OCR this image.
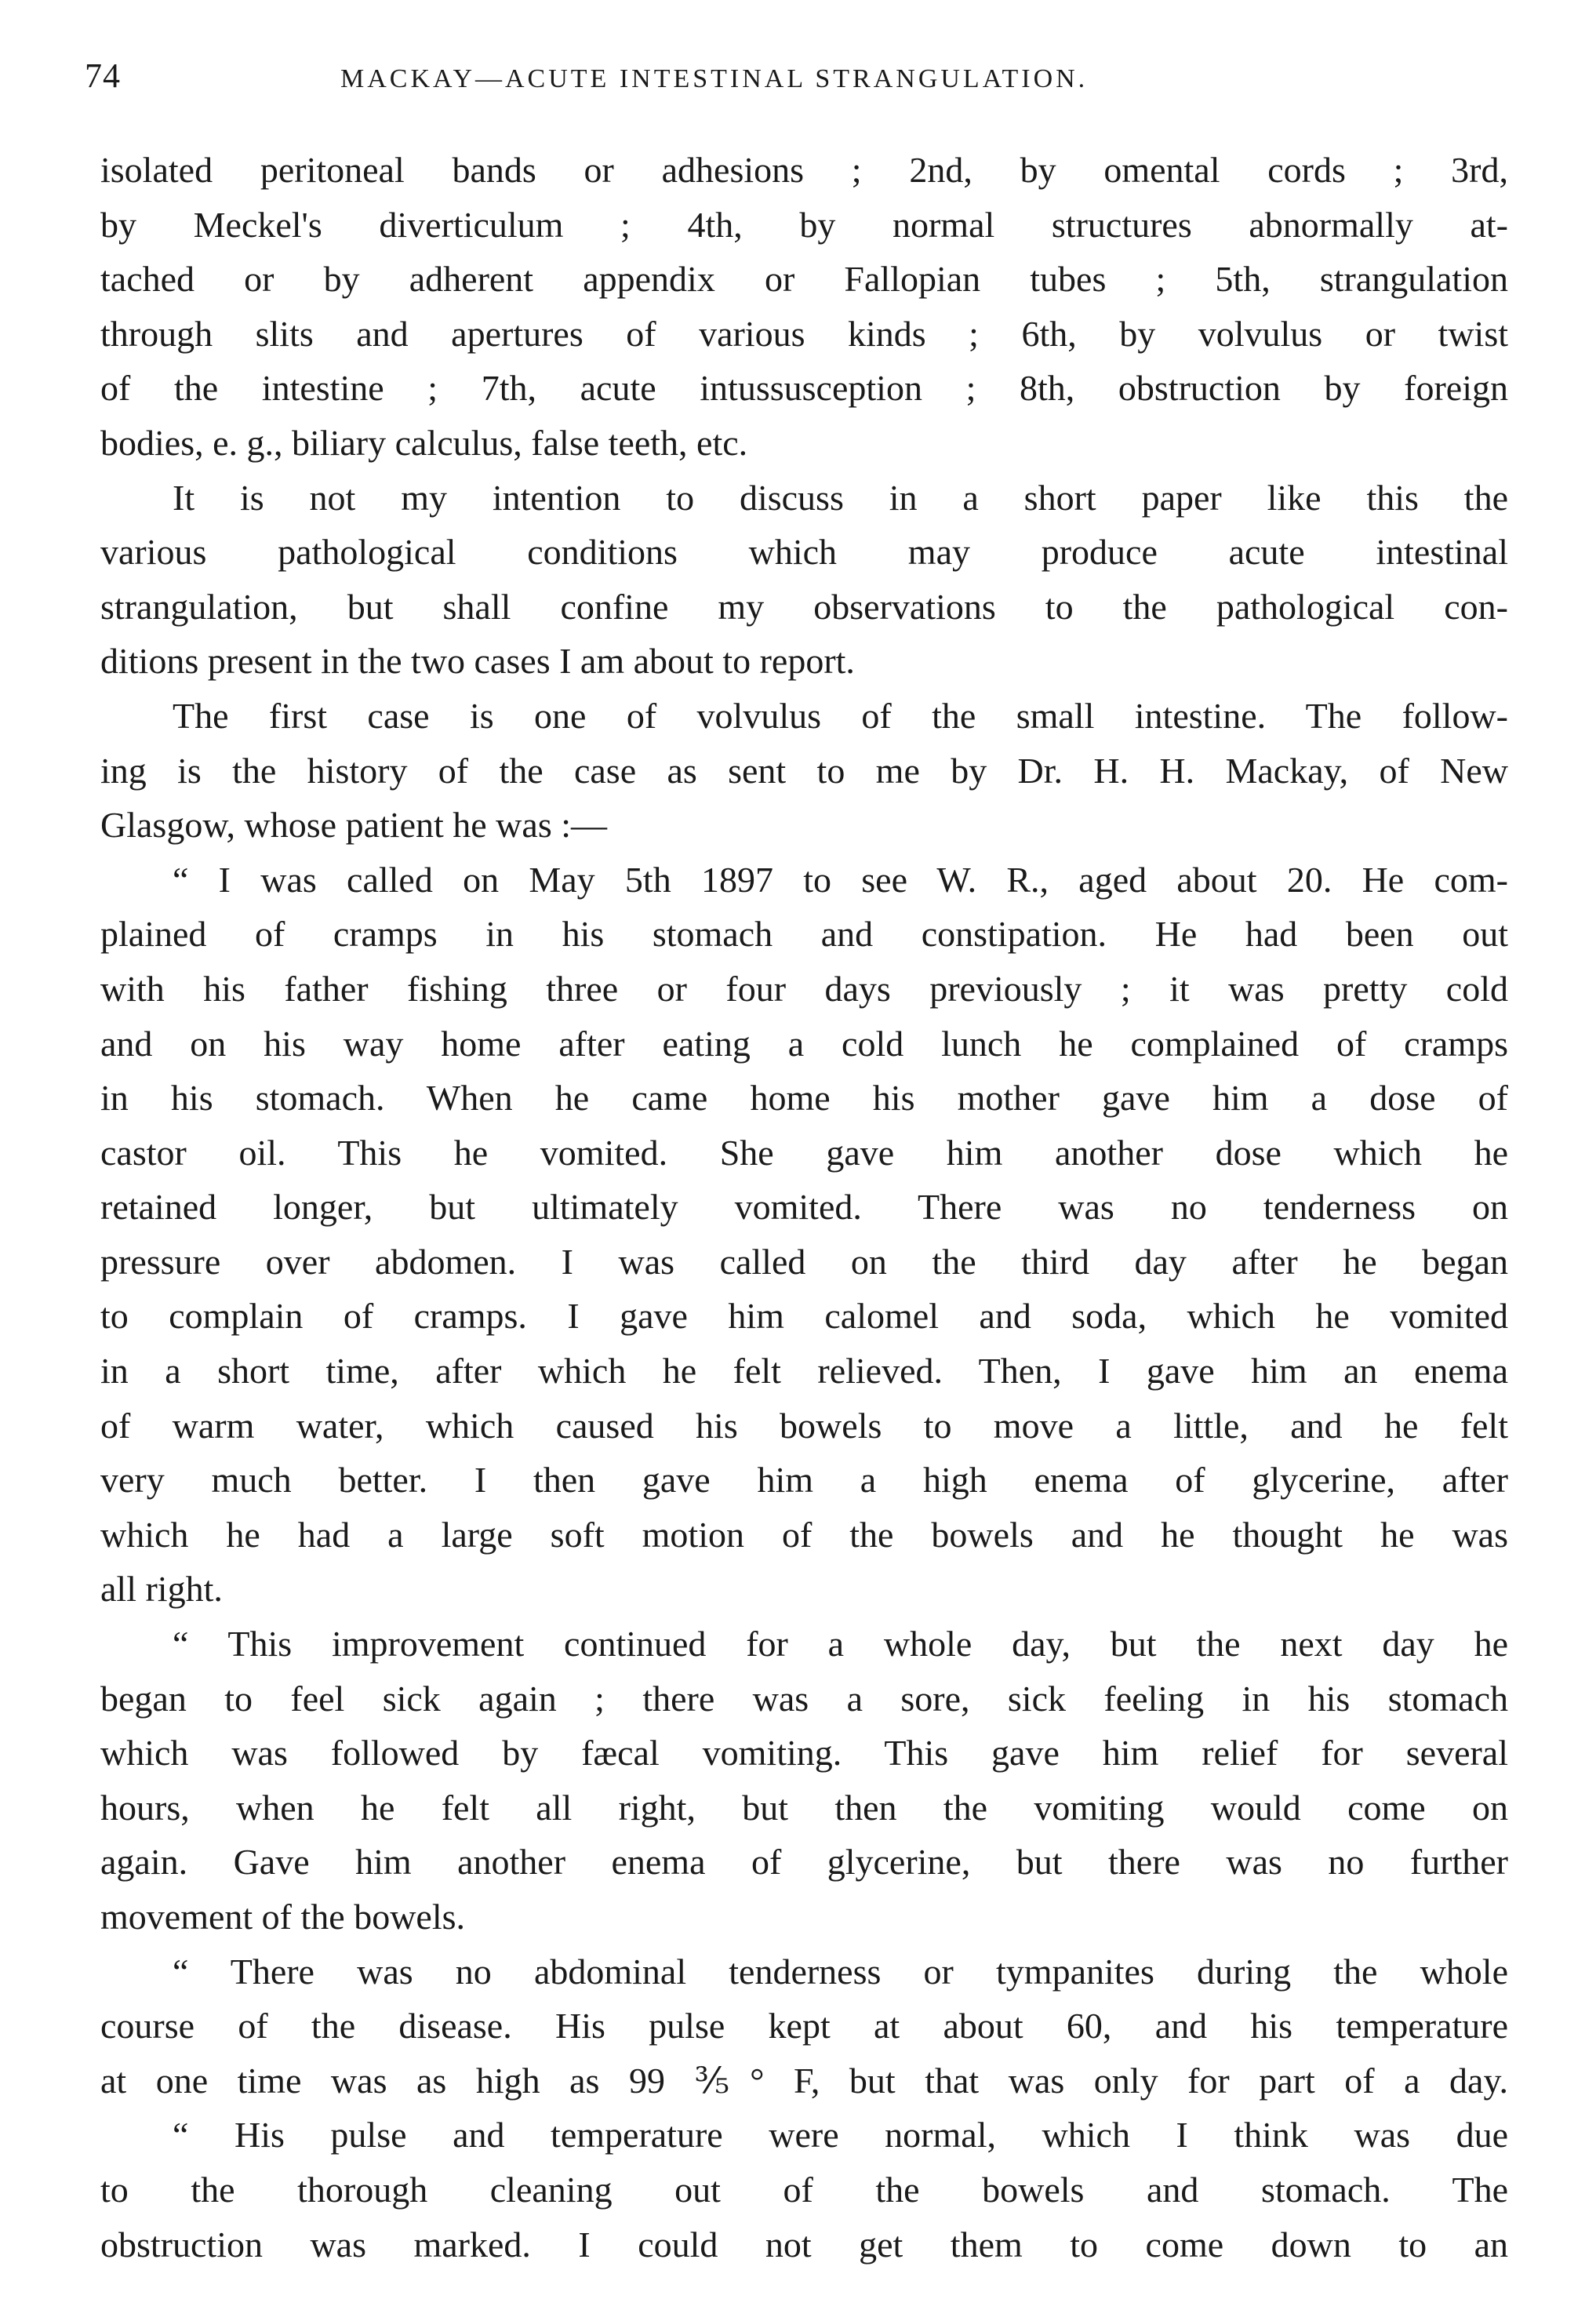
74	MACKAY—ACUTE INTESTINAL STRANGULATION.
isolated peritoneal bands or adhesions ; 2nd, by omental cords ; 3rd,
by Meckel's diverticulum ; 4th, by normal structures abnormally at-
tached or by adherent appendix or Fallopian tubes ; 5th, strangulation
through slits and apertures of various kinds ; 6th, by volvulus or twist
of the intestine ; 7th, acute intussusception ; 8th, obstruction by foreign
bodies, e. g., biliary calculus, false teeth, etc.
It is not my intention to discuss in a short paper like this the
various pathological conditions which may produce acute intestinal
strangulation, but shall confine my observations to the pathological con-
ditions present in the two cases I am about to report.
The first case is one of volvulus of the small intestine. The follow-
ing is the history of the case as sent to me by Dr. H. H. Mackay, of New
Glasgow, whose patient he was :—
“ I was called on May 5th 1897 to see W. R., aged about 20. He com-
plained of cramps in his stomach and constipation. He had been out
with his father fishing three or four days previously ; it was pretty cold
and on his way home after eating a cold lunch he complained of cramps
in his stomach. When he came home his mother gave him a dose of
castor oil. This he vomited. She gave him another dose which he
retained longer, but ultimately vomited. There was no tenderness on
pressure over abdomen. I was called on the third day after he began
to complain of cramps. I gave him calomel and soda, which he vomited
in a short time, after which he felt relieved. Then, I gave him an enema
of warm water, which caused his bowels to move a little, and he felt
very much better. I then gave him a high enema of glycerine, after
which he had a large soft motion of the bowels and he thought he was
all right.
“ This improvement continued for a whole day, but the next day he
began to feel sick again ; there was a sore, sick feeling in his stomach
which was followed by fæcal vomiting. This gave him relief for several
hours, when he felt all right, but then the vomiting would come on
again. Gave him another enema of glycerine, but there was no further
movement of the bowels.
“ There was no abdominal tenderness or tympanites during the whole
course of the disease. His pulse kept at about 60, and his temperature
at one time was as high as 99 ⅗° F, but that was only for part of a day.
“ His pulse and temperature were normal, which I think was due
to the thorough cleaning out of the bowels and stomach. The
obstruction was marked. I could not get them to come down to an
